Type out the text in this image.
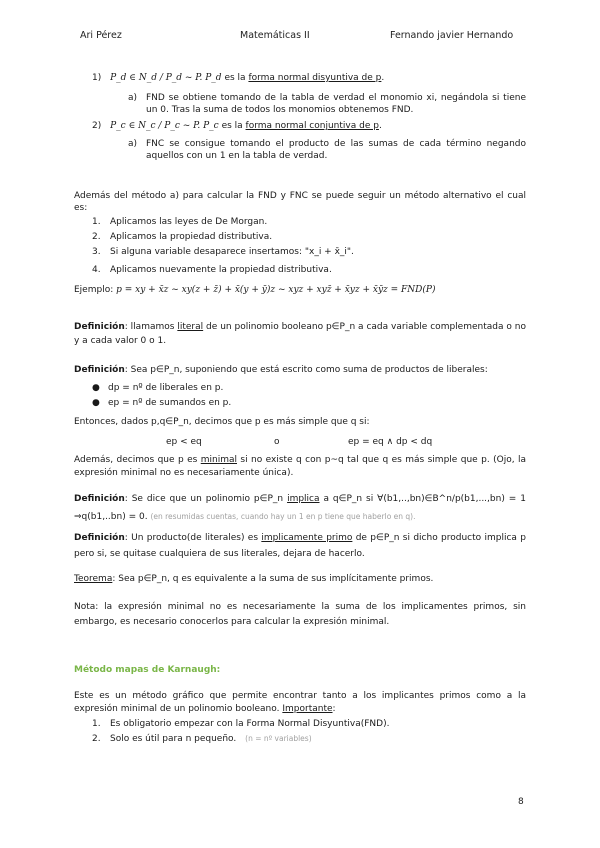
Ari Pérez	Matemáticas II	Fernando javier Hernando
1) P_d ∈ N_d / P_d ~ P. P_d es la forma normal disyuntiva de p.
a) FND se obtiene tomando de la tabla de verdad el monomio xi, negándola si tiene un 0. Tras la suma de todos los monomios obtenemos FND.
2) P_c ∈ N_c / P_c ~ P. P_c es la forma normal conjuntiva de p.
a) FNC se consigue tomando el producto de las sumas de cada término negando aquellos con un 1 en la tabla de verdad.
Además del método a) para calcular la FND y FNC se puede seguir un método alternativo el cual es:
1. Aplicamos las leyes de De Morgan.
2. Aplicamos la propiedad distributiva.
3. Si alguna variable desaparece insertamos: "x_i + x̄_i".
4. Aplicamos nuevamente la propiedad distributiva.
Ejemplo: p = xy + x̄z ~ xy(z + z̄) + x̄(y + ȳ)z ~ xyz + xyz̄ + x̄yz + x̄ȳz = FND(P)
Definición: llamamos literal de un polinomio booleano p∈P_n a cada variable complementada o no y a cada valor 0 o 1.
Definición: Sea p∈P_n, suponiendo que está escrito como suma de productos de liberales:
● dp = nº de liberales en p.
● ep = nº de sumandos en p.
Entonces, dados p,q∈P_n, decimos que p es más simple que q si:
ep < eq	o	ep = eq ∧ dp < dq
Además, decimos que p es minimal si no existe q con p~q tal que q es más simple que p. (Ojo, la expresión minimal no es necesariamente única).
Definición: Se dice que un polinomio p∈P_n implica a q∈P_n si ∀(b1,..,bn)∈B^n/p(b1,...,bn) = 1 ⇒q(b1,..bn) = 0. (en resumidas cuentas, cuando hay un 1 en p tiene que haberlo en q).
Definición: Un producto(de literales) es implicamente primo de p∈P_n si dicho producto implica p pero si, se quitase cualquiera de sus literales, dejara de hacerlo.
Teorema: Sea p∈P_n, q es equivalente a la suma de sus implícitamente primos.
Nota: la expresión minimal no es necesariamente la suma de los implicamentes primos, sin embargo, es necesario conocerlos para calcular la expresión minimal.
Método mapas de Karnaugh:
Este es un método gráfico que permite encontrar tanto a los implicantes primos como a la expresión minimal de un polinomio booleano. Importante:
1. Es obligatorio empezar con la Forma Normal Disyuntiva(FND).
2. Solo es útil para n pequeño. (n = nº variables)
8
